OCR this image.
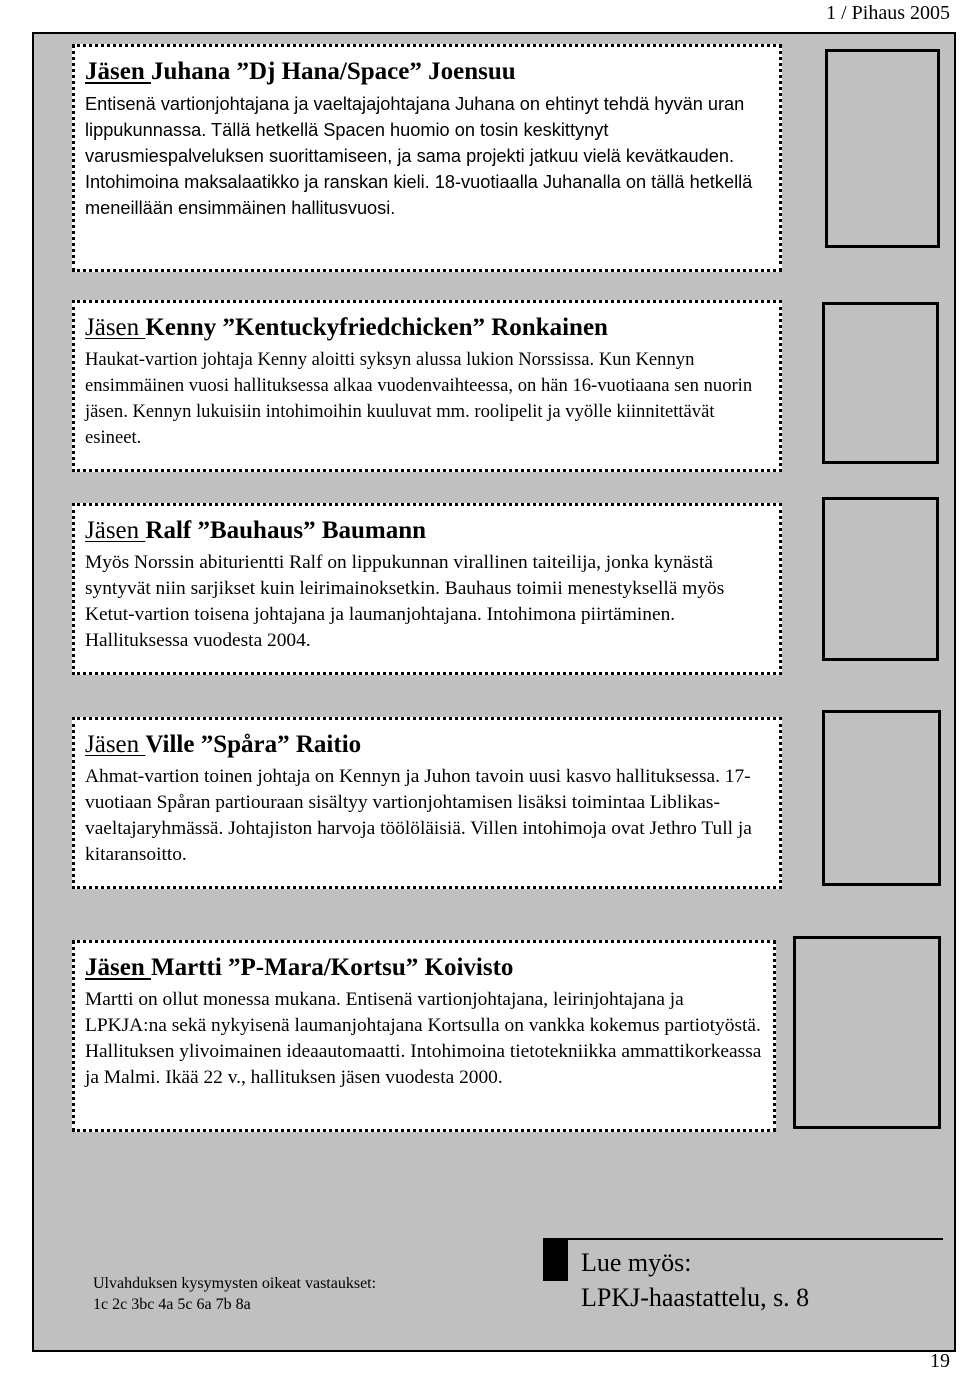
1 / Pihaus 2005
Jäsen Juhana ”Dj Hana/Space” Joensuu

Entisenä vartionjohtajana ja vaeltajajohtajana Juhana on ehtinyt tehdä hyvän uran lippukunnassa. Tällä hetkellä Spacen huomio on tosin keskittynyt varusmiespalveluksen suorittamiseen, ja sama projekti jatkuu vielä kevätkauden. Intohimoina maksalaatikko ja ranskan kieli. 18-vuotiaalla Juhanalla on tällä hetkellä meneillään ensimmäinen hallitusvuosi.

Jäsen Kenny ”Kentuckyfriedchicken” Ronkainen

Haukat-vartion johtaja Kenny aloitti syksyn alussa lukion Norssissa. Kun Kennyn ensimmäinen vuosi hallituksessa alkaa vuodenvaihteessa, on hän 16-vuotiaana sen nuorin jäsen. Kennyn lukuisiin intohimoihin kuuluvat mm. roolipelit ja vyölle kiinnitettävät esineet.

Jäsen Ralf ”Bauhaus” Baumann

Myös Norssin abiturientti Ralf on lippukunnan virallinen taiteilija, jonka kynästä syntyvät niin sarjikset kuin leirimainoksetkin. Bauhaus toimii menestyksellä myös Ketut-vartion toisena johtajana ja laumanjohtajana. Intohimona piirtäminen. Hallituksessa vuodesta 2004.

Jäsen Ville ”Spåra” Raitio

Ahmat-vartion toinen johtaja on Kennyn ja Juhon tavoin uusi kasvo hallituksessa. 17-vuotiaan Spåran partiouraan sisältyy vartionjohtamisen lisäksi toimintaa Liblikas-vaeltajaryhmässä. Johtajiston harvoja töölöläisiä. Villen intohimoja ovat Jethro Tull ja kitaransoitto.

Jäsen Martti ”P-Mara/Kortsu” Koivisto

Martti on ollut monessa mukana. Entisenä vartionjohtajana, leirinjohtajana ja LPKJA:na sekä nykyisenä laumanjohtajana Kortsulla on vankka kokemus partiotyöstä. Hallituksen ylivoimainen ideaautomaatti. Intohimoina tietotekniikka ammattikorkeassa ja Malmi. Ikää 22 v., hallituksen jäsen vuodesta 2000.

Ulvahduksen kysymysten oikeat vastaukset:
1c 2c 3bc 4a 5c 6a 7b 8a
Lue myös:
LPKJ-haastattelu, s. 8
19
